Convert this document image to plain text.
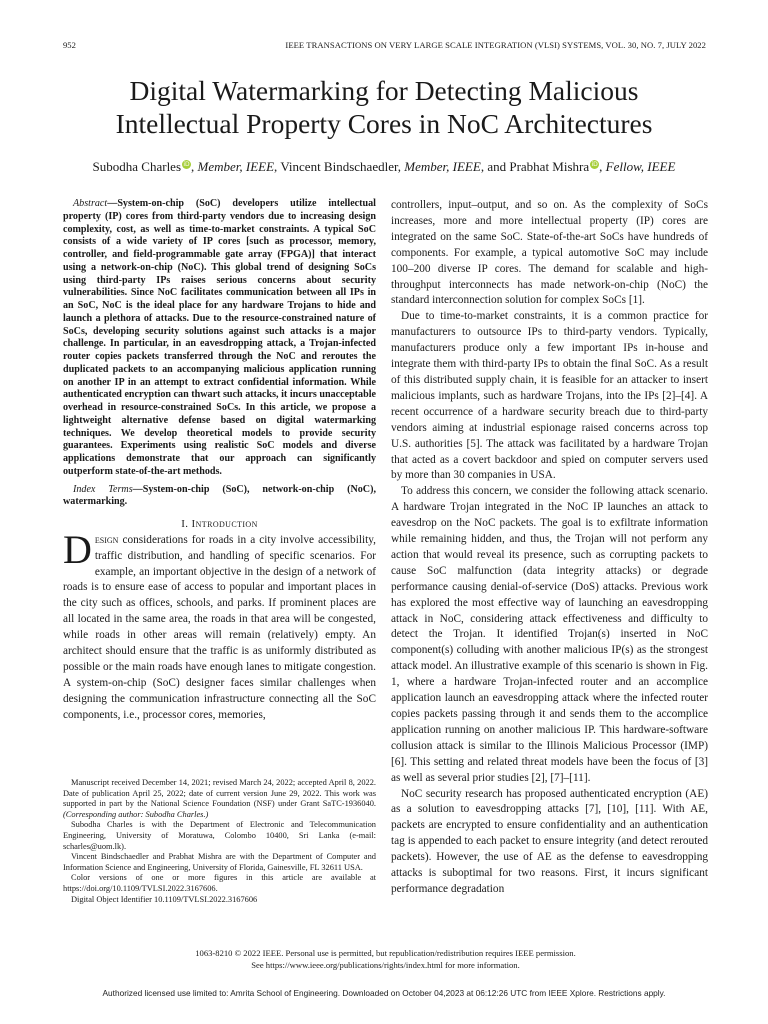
952	IEEE TRANSACTIONS ON VERY LARGE SCALE INTEGRATION (VLSI) SYSTEMS, VOL. 30, NO. 7, JULY 2022
Digital Watermarking for Detecting Malicious
Intellectual Property Cores in NoC Architectures
Subodha Charles iD, Member, IEEE, Vincent Bindschaedler, Member, IEEE, and Prabhat Mishra iD, Fellow, IEEE

Abstract—System-on-chip (SoC) developers utilize intellectual property (IP) cores from third-party vendors due to increasing design complexity, cost, as well as time-to-market constraints. A typical SoC consists of a wide variety of IP cores [such as processor, memory, controller, and field-programmable gate array (FPGA)] that interact using a network-on-chip (NoC). This global trend of designing SoCs using third-party IPs raises serious concerns about security vulnerabilities. Since NoC facilitates communication between all IPs in an SoC, NoC is the ideal place for any hardware Trojans to hide and launch a plethora of attacks. Due to the resource-constrained nature of SoCs, developing security solutions against such attacks is a major challenge. In particular, in an eavesdropping attack, a Trojan-infected router copies packets transferred through the NoC and reroutes the duplicated packets to an accompanying malicious application running on another IP in an attempt to extract confidential information. While authenticated encryption can thwart such attacks, it incurs unacceptable overhead in resource-constrained SoCs. In this article, we propose a lightweight alternative defense based on digital watermarking techniques. We develop theoretical models to provide security guarantees. Experiments using realistic SoC models and diverse applications demonstrate that our approach can significantly outperform state-of-the-art methods.

Index Terms—System-on-chip (SoC), network-on-chip (NoC), watermarking.

I. Introduction

Design considerations for roads in a city involve accessibility, traffic distribution, and handling of specific scenarios. For example, an important objective in the design of a network of roads is to ensure ease of access to popular and important places in the city such as offices, schools, and parks. If prominent places are all located in the same area, the roads in that area will be congested, while roads in other areas will remain (relatively) empty. An architect should ensure that the traffic is as uniformly distributed as possible or the main roads have enough lanes to mitigate congestion. A system-on-chip (SoC) designer faces similar challenges when designing the communication infrastructure connecting all the SoC components, i.e., processor cores, memories,

Manuscript received December 14, 2021; revised March 24, 2022; accepted April 8, 2022. Date of publication April 25, 2022; date of current version June 29, 2022. This work was supported in part by the National Science Foundation (NSF) under Grant SaTC-1936040. (Corresponding author: Subodha Charles.)

Subodha Charles is with the Department of Electronic and Telecommunication Engineering, University of Moratuwa, Colombo 10400, Sri Lanka (e-mail: scharles@uom.lk).

Vincent Bindschaedler and Prabhat Mishra are with the Department of Computer and Information Science and Engineering, University of Florida, Gainesville, FL 32611 USA.

Color versions of one or more figures in this article are available at https://doi.org/10.1109/TVLSI.2022.3167606.

Digital Object Identifier 10.1109/TVLSI.2022.3167606

controllers, input–output, and so on. As the complexity of SoCs increases, more and more intellectual property (IP) cores are integrated on the same SoC. State-of-the-art SoCs have hundreds of components. For example, a typical automotive SoC may include 100–200 diverse IP cores. The demand for scalable and high-throughput interconnects has made network-on-chip (NoC) the standard interconnection solution for complex SoCs [1].

Due to time-to-market constraints, it is a common practice for manufacturers to outsource IPs to third-party vendors. Typically, manufacturers produce only a few important IPs in-house and integrate them with third-party IPs to obtain the final SoC. As a result of this distributed supply chain, it is feasible for an attacker to insert malicious implants, such as hardware Trojans, into the IPs [2]–[4]. A recent occurrence of a hardware security breach due to third-party vendors aiming at industrial espionage raised concerns across top U.S. authorities [5]. The attack was facilitated by a hardware Trojan that acted as a covert backdoor and spied on computer servers used by more than 30 companies in USA.

To address this concern, we consider the following attack scenario. A hardware Trojan integrated in the NoC IP launches an attack to eavesdrop on the NoC packets. The goal is to exfiltrate information while remaining hidden, and thus, the Trojan will not perform any action that would reveal its presence, such as corrupting packets to cause SoC malfunction (data integrity attacks) or degrade performance causing denial-of-service (DoS) attacks. Previous work has explored the most effective way of launching an eavesdropping attack in NoC, considering attack effectiveness and difficulty to detect the Trojan. It identified Trojan(s) inserted in NoC component(s) colluding with another malicious IP(s) as the strongest attack model. An illustrative example of this scenario is shown in Fig. 1, where a hardware Trojan-infected router and an accomplice application launch an eavesdropping attack where the infected router copies packets passing through it and sends them to the accomplice application running on another malicious IP. This hardware-software collusion attack is similar to the Illinois Malicious Processor (IMP) [6]. This setting and related threat models have been the focus of [3] as well as several prior studies [2], [7]–[11].

NoC security research has proposed authenticated encryption (AE) as a solution to eavesdropping attacks [7], [10], [11]. With AE, packets are encrypted to ensure confidentiality and an authentication tag is appended to each packet to ensure integrity (and detect rerouted packets). However, the use of AE as the defense to eavesdropping attacks is suboptimal for two reasons. First, it incurs significant performance degradation

1063-8210 © 2022 IEEE. Personal use is permitted, but republication/redistribution requires IEEE permission.
See https://www.ieee.org/publications/rights/index.html for more information.
Authorized licensed use limited to: Amrita School of Engineering. Downloaded on October 04,2023 at 06:12:26 UTC from IEEE Xplore. Restrictions apply.
